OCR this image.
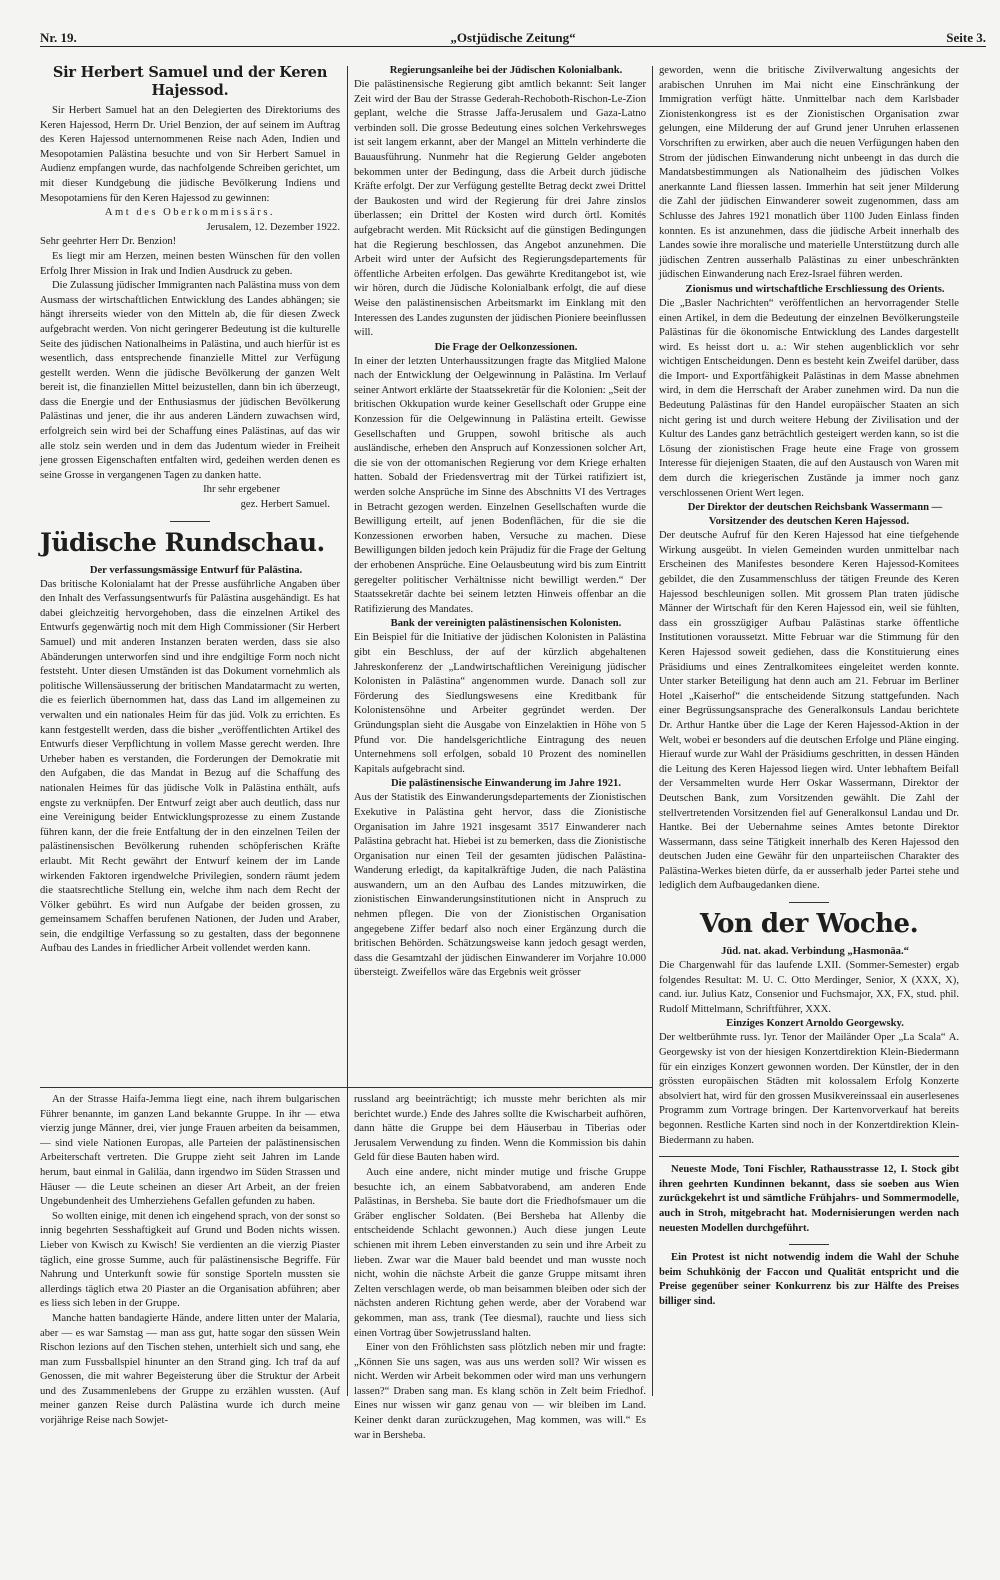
Nr. 19.	„Ostjüdische Zeitung“	Seite 3.
Sir Herbert Samuel und der Keren Hajessod.

Sir Herbert Samuel hat an den Delegierten des Direktoriums des Keren Hajessod, Herrn Dr. Uriel Benzion, der auf seinem im Auftrag des Keren Hajessod unternommenen Reise nach Aden, Indien und Mesopotamien Palästina besuchte und von Sir Herbert Samuel in Audienz empfangen wurde, das nachfolgende Schreiben gerichtet, um mit dieser Kundgebung die jüdische Bevölkerung Indiens und Mesopotamiens für den Keren Hajessod zu gewinnen:

Amt des Oberkommissärs.

Jerusalem, 12. Dezember 1922.

Sehr geehrter Herr Dr. Benzion!

Es liegt mir am Herzen, meinen besten Wünschen für den vollen Erfolg Ihrer Mission in Irak und Indien Ausdruck zu geben.

Die Zulassung jüdischer Immigranten nach Palästina muss von dem Ausmass der wirtschaftlichen Entwicklung des Landes abhängen; sie hängt ihrerseits wieder von den Mitteln ab, die für diesen Zweck aufgebracht werden. Von nicht geringerer Bedeutung ist die kulturelle Seite des jüdischen Nationalheims in Palästina, und auch hierfür ist es wesentlich, dass entsprechende finanzielle Mittel zur Verfügung gestellt werden. Wenn die jüdische Bevölkerung der ganzen Welt bereit ist, die finanziellen Mittel beizustellen, dann bin ich überzeugt, dass die Energie und der Enthusiasmus der jüdischen Bevölkerung Palästinas und jener, die ihr aus anderen Ländern zuwachsen wird, erfolgreich sein wird bei der Schaffung eines Palästinas, auf das wir alle stolz sein werden und in dem das Judentum wieder in Freiheit jene grossen Eigenschaften entfalten wird, gedeihen werden denen es seine Grosse in vergangenen Tagen zu danken hatte.

Ihr sehr ergebener

gez. Herbert Samuel.

Jüdische Rundschau.

Der verfassungsmässige Entwurf für Palästina.

Das britische Kolonialamt hat der Presse ausführliche Angaben über den Inhalt des Verfassungsentwurfs für Palästina ausgehändigt. Es hat dabei gleichzeitig hervorgehoben, dass die einzelnen Artikel des Entwurfs gegenwärtig noch mit dem High Commissioner (Sir Herbert Samuel) und mit anderen Instanzen beraten werden, dass sie also Abänderungen unterworfen sind und ihre endgiltige Form noch nicht feststeht. Unter diesen Umständen ist das Dokument vornehmlich als politische Willensäusserung der britischen Mandatarmacht zu werten, die es feierlich übernommen hat, dass das Land im allgemeinen zu verwalten und ein nationales Heim für das jüd. Volk zu errichten. Es kann festgestellt werden, dass die bisher „veröffentlichten Artikel des Entwurfs dieser Verpflichtung in vollem Masse gerecht werden. Ihre Urheber haben es verstanden, die Forderungen der Demokratie mit den Aufgaben, die das Mandat in Bezug auf die Schaffung des nationalen Heimes für das jüdische Volk in Palästina enthält, aufs engste zu verknüpfen. Der Entwurf zeigt aber auch deutlich, dass nur eine Vereinigung beider Entwicklungsprozesse zu einem Zustande führen kann, der die freie Entfaltung der in den einzelnen Teilen der palästinensischen Bevölkerung ruhenden schöpferischen Kräfte erlaubt. Mit Recht gewährt der Entwurf keinem der im Lande wirkenden Faktoren irgendwelche Privilegien, sondern räumt jedem die staatsrechtliche Stellung ein, welche ihm nach dem Recht der Völker gebührt. Es wird nun Aufgabe der beiden grossen, zu gemeinsamem Schaffen berufenen Nationen, der Juden und Araber, sein, die endgiltige Verfassung so zu gestalten, dass der begonnene Aufbau des Landes in friedlicher Arbeit vollendet werden kann.

Regierungsanleihe bei der Jüdischen Kolonialbank.

Die palästinensische Regierung gibt amtlich bekannt: Seit langer Zeit wird der Bau der Strasse Gederah-Rechoboth-Rischon-Le-Zion geplant, welche die Strasse Jaffa-Jerusalem und Gaza-Latno verbinden soll. Die grosse Bedeutung eines solchen Verkehrsweges ist seit langem erkannt, aber der Mangel an Mitteln verhinderte die Bauausführung. Nunmehr hat die Regierung Gelder angeboten bekommen unter der Bedingung, dass die Arbeit durch jüdische Kräfte erfolgt. Der zur Verfügung gestellte Betrag deckt zwei Drittel der Baukosten und wird der Regierung für drei Jahre zinslos überlassen; ein Drittel der Kosten wird durch örtl. Komités aufgebracht werden. Mit Rücksicht auf die günstigen Bedingungen hat die Regierung beschlossen, das Angebot anzunehmen. Die Arbeit wird unter der Aufsicht des Regierungsdepartements für öffentliche Arbeiten erfolgen. Das gewährte Kreditangebot ist, wie wir hören, durch die Jüdische Kolonialbank erfolgt, die auf diese Weise den palästinensischen Arbeitsmarkt im Einklang mit den Interessen des Landes zugunsten der jüdischen Pioniere beeinflussen will.

Die Frage der Oelkonzessionen.

In einer der letzten Unterhaussitzungen fragte das Mitglied Malone nach der Entwicklung der Oelgewinnung in Palästina. Im Verlauf seiner Antwort erklärte der Staatssekretär für die Kolonien: „Seit der britischen Okkupation wurde keiner Gesellschaft oder Gruppe eine Konzession für die Oelgewinnung in Palästina erteilt. Gewisse Gesellschaften und Gruppen, sowohl britische als auch ausländische, erheben den Anspruch auf Konzessionen solcher Art, die sie von der ottomanischen Regierung vor dem Kriege erhalten hatten. Sobald der Friedensvertrag mit der Türkei ratifiziert ist, werden solche Ansprüche im Sinne des Abschnitts VI des Vertrages in Betracht gezogen werden. Einzelnen Gesellschaften wurde die Bewilligung erteilt, auf jenen Bodenflächen, für die sie die Konzessionen erworben haben, Versuche zu machen. Diese Bewilligungen bilden jedoch kein Präjudiz für die Frage der Geltung der erhobenen Ansprüche. Eine Oelausbeutung wird bis zum Eintritt geregelter politischer Verhältnisse nicht bewilligt werden.“ Der Staatssekretär dachte bei seinem letzten Hinweis offenbar an die Ratifizierung des Mandates.

Bank der vereinigten palästinensischen Kolonisten.

Ein Beispiel für die Initiative der jüdischen Kolonisten in Palästina gibt ein Beschluss, der auf der kürzlich abgehaltenen Jahreskonferenz der „Landwirtschaftlichen Vereinigung jüdischer Kolonisten in Palästina“ angenommen wurde. Danach soll zur Förderung des Siedlungswesens eine Kreditbank für Kolonistensöhne und Arbeiter gegründet werden. Der Gründungsplan sieht die Ausgabe von Einzelaktien in Höhe von 5 Pfund vor. Die handelsgerichtliche Eintragung des neuen Unternehmens soll erfolgen, sobald 10 Prozent des nominellen Kapitals aufgebracht sind.

Die palästinensische Einwanderung im Jahre 1921.

Aus der Statistik des Einwanderungsdepartements der Zionistischen Exekutive in Palästina geht hervor, dass die Zionistische Organisation im Jahre 1921 insgesamt 3517 Einwanderer nach Palästina gebracht hat. Hiebei ist zu bemerken, dass die Zionistische Organisation nur einen Teil der gesamten jüdischen Palästina-Wanderung erledigt, da kapitalkräftige Juden, die nach Palästina auswandern, um an den Aufbau des Landes mitzuwirken, die zionistischen Einwanderungsinstitutionen nicht in Anspruch zu nehmen pflegen. Die von der Zionistischen Organisation angegebene Ziffer bedarf also noch einer Ergänzung durch die britischen Behörden. Schätzungsweise kann jedoch gesagt werden, dass die Gesamtzahl der jüdischen Einwanderer im Vorjahre 10.000 übersteigt. Zweifellos wäre das Ergebnis weit grösser

geworden, wenn die britische Zivilverwaltung angesichts der arabischen Unruhen im Mai nicht eine Einschränkung der Immigration verfügt hätte. Unmittelbar nach dem Karlsbader Zionistenkongress ist es der Zionistischen Organisation zwar gelungen, eine Milderung der auf Grund jener Unruhen erlassenen Vorschriften zu erwirken, aber auch die neuen Verfügungen haben den Strom der jüdischen Einwanderung nicht unbeengt in das durch die Mandatsbestimmungen als Nationalheim des jüdischen Volkes anerkannte Land fliessen lassen. Immerhin hat seit jener Milderung die Zahl der jüdischen Einwanderer soweit zugenommen, dass am Schlusse des Jahres 1921 monatlich über 1100 Juden Einlass finden konnten. Es ist anzunehmen, dass die jüdische Arbeit innerhalb des Landes sowie ihre moralische und materielle Unterstützung durch alle jüdischen Zentren ausserhalb Palästinas zu einer unbeschränkten jüdischen Einwanderung nach Erez-Israel führen werden.

Zionismus und wirtschaftliche Erschliessung des Orients.

Die „Basler Nachrichten“ veröffentlichen an hervorragender Stelle einen Artikel, in dem die Bedeutung der einzelnen Bevölkerungsteile Palästinas für die ökonomische Entwicklung des Landes dargestellt wird. Es heisst dort u. a.: Wir stehen augenblicklich vor sehr wichtigen Entscheidungen. Denn es besteht kein Zweifel darüber, dass die Import- und Exportfähigkeit Palästinas in dem Masse abnehmen wird, in dem die Herrschaft der Araber zunehmen wird. Da nun die Bedeutung Palästinas für den Handel europäischer Staaten an sich nicht gering ist und durch weitere Hebung der Zivilisation und der Kultur des Landes ganz beträchtlich gesteigert werden kann, so ist die Lösung der zionistischen Frage heute eine Frage von grossem Interesse für diejenigen Staaten, die auf den Austausch von Waren mit dem durch die kriegerischen Zustände ja immer noch ganz verschlossenen Orient Wert legen.

Der Direktor der deutschen Reichsbank Wassermann — Vorsitzender des deutschen Keren Hajessod.

Der deutsche Aufruf für den Keren Hajessod hat eine tiefgehende Wirkung ausgeübt. In vielen Gemeinden wurden unmittelbar nach Erscheinen des Manifestes besondere Keren Hajessod-Komitees gebildet, die den Zusammenschluss der tätigen Freunde des Keren Hajessod beschleunigen sollen. Mit grossem Plan traten jüdische Männer der Wirtschaft für den Keren Hajessod ein, weil sie fühlten, dass ein grosszügiger Aufbau Palästinas starke öffentliche Institutionen voraussetzt. Mitte Februar war die Stimmung für den Keren Hajessod soweit gediehen, dass die Konstituierung eines Präsidiums und eines Zentralkomitees eingeleitet werden konnte. Unter starker Beteiligung hat denn auch am 21. Februar im Berliner Hotel „Kaiserhof“ die entscheidende Sitzung stattgefunden. Nach einer Begrüssungsansprache des Generalkonsuls Landau berichtete Dr. Arthur Hantke über die Lage der Keren Hajessod-Aktion in der Welt, wobei er besonders auf die deutschen Erfolge und Pläne einging. Hierauf wurde zur Wahl der Präsidiums geschritten, in dessen Händen die Leitung des Keren Hajessod liegen wird. Unter lebhaftem Beifall der Versammelten wurde Herr Oskar Wassermann, Direktor der Deutschen Bank, zum Vorsitzenden gewählt. Die Zahl der stellvertretenden Vorsitzenden fiel auf Generalkonsul Landau und Dr. Hantke. Bei der Uebernahme seines Amtes betonte Direktor Wassermann, dass seine Tätigkeit innerhalb des Keren Hajessod den deutschen Juden eine Gewähr für den unparteiischen Charakter des Palästina-Werkes bieten dürfe, da er ausserhalb jeder Partei stehe und lediglich dem Aufbaugedanken diene.

Von der Woche.

Jüd. nat. akad. Verbindung „Hasmonäa.“

Die Chargenwahl für das laufende LXII. (Sommer-Semester) ergab folgendes Resultat: M. U. C. Otto Merdinger, Senior, X (XXX, X), cand. iur. Julius Katz, Consenior und Fuchsmajor, XX, FX, stud. phil. Rudolf Mittelmann, Schriftführer, XXX.

Einziges Konzert Arnoldo Georgewsky.

Der weltberühmte russ. lyr. Tenor der Mailänder Oper „La Scala“ A. Georgewsky ist von der hiesigen Konzertdirektion Klein-Biedermann für ein einziges Konzert gewonnen worden. Der Künstler, der in den grössten europäischen Städten mit kolossalem Erfolg Konzerte absolviert hat, wird für den grossen Musikvereinssaal ein auserlesenes Programm zum Vortrage bringen. Der Kartenvorverkauf hat bereits begonnen. Restliche Karten sind noch in der Konzertdirektion Klein-Biedermann zu haben.

Neueste Mode, Toni Fischler, Rathausstrasse 12, I. Stock gibt ihren geehrten Kundinnen bekannt, dass sie soeben aus Wien zurückgekehrt ist und sämtliche Frühjahrs- und Sommermodelle, auch in Stroh, mitgebracht hat. Modernisierungen werden nach neuesten Modellen durchgeführt.

Ein Protest ist nicht notwendig indem die Wahl der Schuhe beim Schuhkönig der Faccon und Qualität entspricht und die Preise gegenüber seiner Konkurrenz bis zur Hälfte des Preises billiger sind.

An der Strasse Haifa-Jemma liegt eine, nach ihrem bulgarischen Führer benannte, im ganzen Land bekannte Gruppe. In ihr — etwa vierzig junge Männer, drei, vier junge Frauen arbeiten da beisammen, — sind viele Nationen Europas, alle Parteien der palästinensischen Arbeiterschaft vertreten. Die Gruppe zieht seit Jahren im Lande herum, baut einmal in Galiläa, dann irgendwo im Süden Strassen und Häuser — die Leute scheinen an dieser Art Arbeit, an der freien Ungebundenheit des Umherziehens Gefallen gefunden zu haben.

So wollten einige, mit denen ich eingehend sprach, von der sonst so innig begehrten Sesshaftigkeit auf Grund und Boden nichts wissen. Lieber von Kwisch zu Kwisch! Sie verdienten an die vierzig Piaster täglich, eine grosse Summe, auch für palästinensische Begriffe. Für Nahrung und Unterkunft sowie für sonstige Sporteln mussten sie allerdings täglich etwa 20 Piaster an die Organisation abführen; aber es liess sich leben in der Gruppe.

Manche hatten bandagierte Hände, andere litten unter der Malaria, aber — es war Samstag — man ass gut, hatte sogar den süssen Wein Rischon lezions auf den Tischen stehen, unterhielt sich und sang, ehe man zum Fussballspiel hinunter an den Strand ging. Ich traf da auf Genossen, die mit wahrer Begeisterung über die Struktur der Arbeit und des Zusammenlebens der Gruppe zu erzählen wussten. (Auf meiner ganzen Reise durch Palästina wurde ich durch meine vorjährige Reise nach Sowjet-

russland arg beeinträchtigt; ich musste mehr berichten als mir berichtet wurde.) Ende des Jahres sollte die Kwischarbeit aufhören, dann hätte die Gruppe bei dem Häuserbau in Tiberias oder Jerusalem Verwendung zu finden. Wenn die Kommission bis dahin Geld für diese Bauten haben wird.

Auch eine andere, nicht minder mutige und frische Gruppe besuchte ich, an einem Sabbatvorabend, am anderen Ende Palästinas, in Bersheba. Sie baute dort die Friedhofsmauer um die Gräber englischer Soldaten. (Bei Bersheba hat Allenby die entscheidende Schlacht gewonnen.) Auch diese jungen Leute schienen mit ihrem Leben einverstanden zu sein und ihre Arbeit zu lieben. Zwar war die Mauer bald beendet und man wusste noch nicht, wohin die nächste Arbeit die ganze Gruppe mitsamt ihren Zelten verschlagen werde, ob man beisammen bleiben oder sich der nächsten anderen Richtung gehen werde, aber der Vorabend war gekommen, man ass, trank (Tee diesmal), rauchte und liess sich einen Vortrag über Sowjetrussland halten.

Einer von den Fröhlichsten sass plötzlich neben mir und fragte: „Können Sie uns sagen, was aus uns werden soll? Wir wissen es nicht. Werden wir Arbeit bekommen oder wird man uns verhungern lassen?“ Draben sang man. Es klang schön in Zelt beim Friedhof. Eines nur wissen wir ganz genau von — wir bleiben im Land. Keiner denkt daran zurückzugehen, Mag kommen, was will.“ Es war in Bersheba.
